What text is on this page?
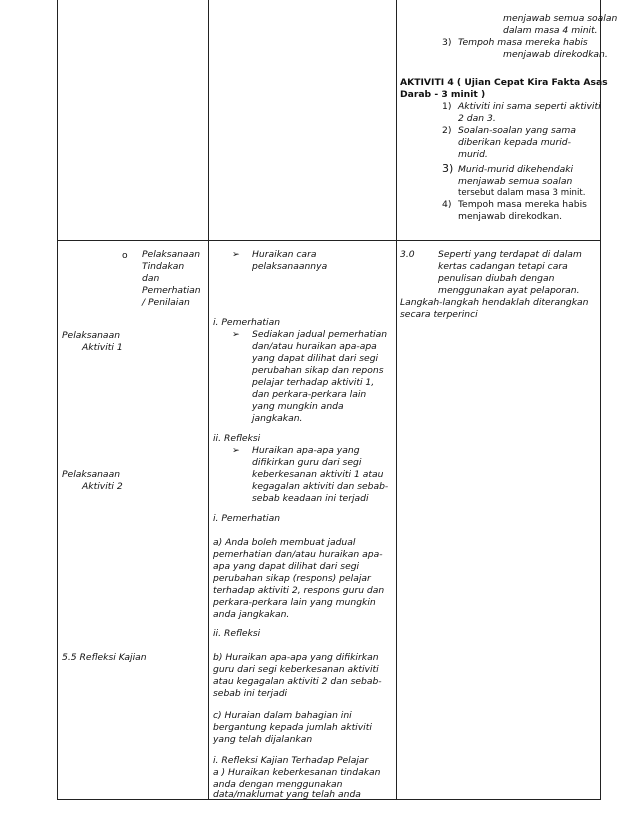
menjawab semua soalan
dalam masa 4 minit.
3) Tempoh masa mereka habis
menjawab direkodkan.
AKTIVITI 4 ( Ujian Cepat Kira Fakta Asas
Darab - 3 minit )
1) Aktiviti ini sama seperti aktiviti
2 dan 3.
2) Soalan-soalan yang sama
diberikan kepada murid-
murid.
3) Murid-murid dikehendaki
menjawab semua soalan
tersebut dalam masa 3 minit.
4) Tempoh masa mereka habis
menjawab direkodkan.
o Pelaksanaan
Tindakan
dan
Pemerhatian
/ Penilaian
Pelaksanaan
Aktiviti 1
Pelaksanaan
Aktiviti 2
5.5 Refleksi Kajian
➢ Huraikan cara
pelaksanaannya
i. Pemerhatian
➢ Sediakan jadual pemerhatian
dan/atau huraikan apa-apa
yang dapat dilihat dari segi
perubahan sikap dan repons
pelajar terhadap aktiviti 1,
dan perkara-perkara lain
yang mungkin anda
jangkakan.
ii. Refleksi
➢ Huraikan apa-apa yang
difikirkan guru dari segi
keberkesanan aktiviti 1 atau
kegagalan aktiviti dan sebab-
sebab keadaan ini terjadi
i. Pemerhatian
a) Anda boleh membuat jadual
pemerhatian dan/atau huraikan apa-
apa yang dapat dilihat dari segi
perubahan sikap (respons) pelajar
terhadap aktiviti 2, respons guru dan
perkara-perkara lain yang mungkin
anda jangkakan.
ii. Refleksi
b) Huraikan apa-apa yang difikirkan
guru dari segi keberkesanan aktiviti
atau kegagalan aktiviti 2 dan sebab-
sebab ini terjadi
c) Huraian dalam bahagian ini
bergantung kepada jumlah aktiviti
yang telah dijalankan
i. Refleksi Kajian Terhadap Pelajar
a ) Huraikan keberkesanan tindakan
anda dengan menggunakan
data/maklumat yang telah anda
3.0	Seperti yang terdapat di dalam
kertas cadangan tetapi cara
penulisan diubah dengan
menggunakan ayat pelaporan.
Langkah-langkah hendaklah diterangkan
secara terperinci
